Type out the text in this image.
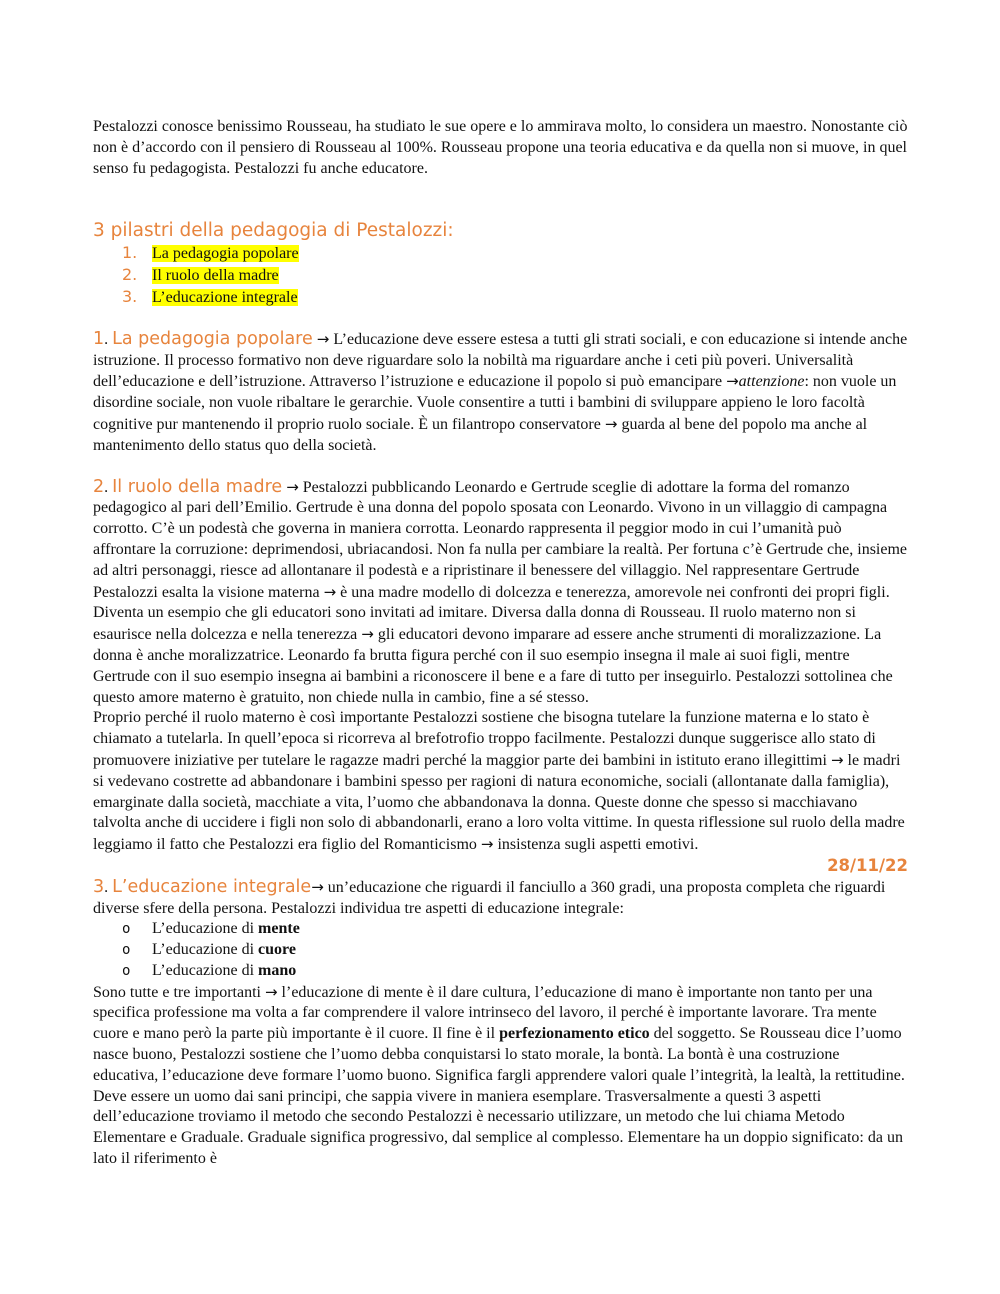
Pestalozzi conosce benissimo Rousseau, ha studiato le sue opere e lo ammirava molto, lo considera un maestro. Nonostante ciò non è d’accordo con il pensiero di Rousseau al 100%. Rousseau propone una teoria educativa e da quella non si muove, in quel senso fu pedagogista. Pestalozzi fu anche educatore.

3 pilastri della pedagogia di Pestalozzi:
1. La pedagogia popolare
2. Il ruolo della madre
3. L’educazione integrale

1. La pedagogia popolare → L’educazione deve essere estesa a tutti gli strati sociali, e con educazione si intende anche istruzione. Il processo formativo non deve riguardare solo la nobiltà ma riguardare anche i ceti più poveri. Universalità dell’educazione e dell’istruzione. Attraverso l’istruzione e educazione il popolo si può emancipare →attenzione: non vuole un disordine sociale, non vuole ribaltare le gerarchie. Vuole consentire a tutti i bambini di sviluppare appieno le loro facoltà cognitive pur mantenendo il proprio ruolo sociale. È un filantropo conservatore → guarda al bene del popolo ma anche al mantenimento dello status quo della società.

2. Il ruolo della madre → Pestalozzi pubblicando Leonardo e Gertrude sceglie di adottare la forma del romanzo pedagogico al pari dell’Emilio. Gertrude è una donna del popolo sposata con Leonardo. Vivono in un villaggio di campagna corrotto. C’è un podestà che governa in maniera corrotta. Leonardo rappresenta il peggior modo in cui l’umanità può affrontare la corruzione: deprimendosi, ubriacandosi. Non fa nulla per cambiare la realtà. Per fortuna c’è Gertrude che, insieme ad altri personaggi, riesce ad allontanare il podestà e a ripristinare il benessere del villaggio. Nel rappresentare Gertrude Pestalozzi esalta la visione materna → è una madre modello di dolcezza e tenerezza, amorevole nei confronti dei propri figli. Diventa un esempio che gli educatori sono invitati ad imitare. Diversa dalla donna di Rousseau. Il ruolo materno non si esaurisce nella dolcezza e nella tenerezza → gli educatori devono imparare ad essere anche strumenti di moralizzazione. La donna è anche moralizzatrice. Leonardo fa brutta figura perché con il suo esempio insegna il male ai suoi figli, mentre Gertrude con il suo esempio insegna ai bambini a riconoscere il bene e a fare di tutto per inseguirlo. Pestalozzi sottolinea che questo amore materno è gratuito, non chiede nulla in cambio, fine a sé stesso.

Proprio perché il ruolo materno è così importante Pestalozzi sostiene che bisogna tutelare la funzione materna e lo stato è chiamato a tutelarla. In quell’epoca si ricorreva al brefotrofio troppo facilmente. Pestalozzi dunque suggerisce allo stato di promuovere iniziative per tutelare le ragazze madri perché la maggior parte dei bambini in istituto erano illegittimi → le madri si vedevano costrette ad abbandonare i bambini spesso per ragioni di natura economiche, sociali (allontanate dalla famiglia), emarginate dalla società, macchiate a vita, l’uomo che abbandonava la donna. Queste donne che spesso si macchiavano talvolta anche di uccidere i figli non solo di abbandonarli, erano a loro volta vittime. In questa riflessione sul ruolo della madre leggiamo il fatto che Pestalozzi era figlio del Romanticismo → insistenza sugli aspetti emotivi.

28/11/22

3. L’educazione integrale→ un’educazione che riguardi il fanciullo a 360 gradi, una proposta completa che riguardi diverse sfere della persona. Pestalozzi individua tre aspetti di educazione integrale:

o L’educazione di mente
o L’educazione di cuore
o L’educazione di mano

Sono tutte e tre importanti → l’educazione di mente è il dare cultura, l’educazione di mano è importante non tanto per una specifica professione ma volta a far comprendere il valore intrinseco del lavoro, il perché è importante lavorare. Tra mente cuore e mano però la parte più importante è il cuore. Il fine è il perfezionamento etico del soggetto. Se Rousseau dice l’uomo nasce buono, Pestalozzi sostiene che l’uomo debba conquistarsi lo stato morale, la bontà. La bontà è una costruzione educativa, l’educazione deve formare l’uomo buono. Significa fargli apprendere valori quale l’integrità, la lealtà, la rettitudine. Deve essere un uomo dai sani principi, che sappia vivere in maniera esemplare. Trasversalmente a questi 3 aspetti dell’educazione troviamo il metodo che secondo Pestalozzi è necessario utilizzare, un metodo che lui chiama Metodo Elementare e Graduale. Graduale significa progressivo, dal semplice al complesso. Elementare ha un doppio significato: da un lato il riferimento è
